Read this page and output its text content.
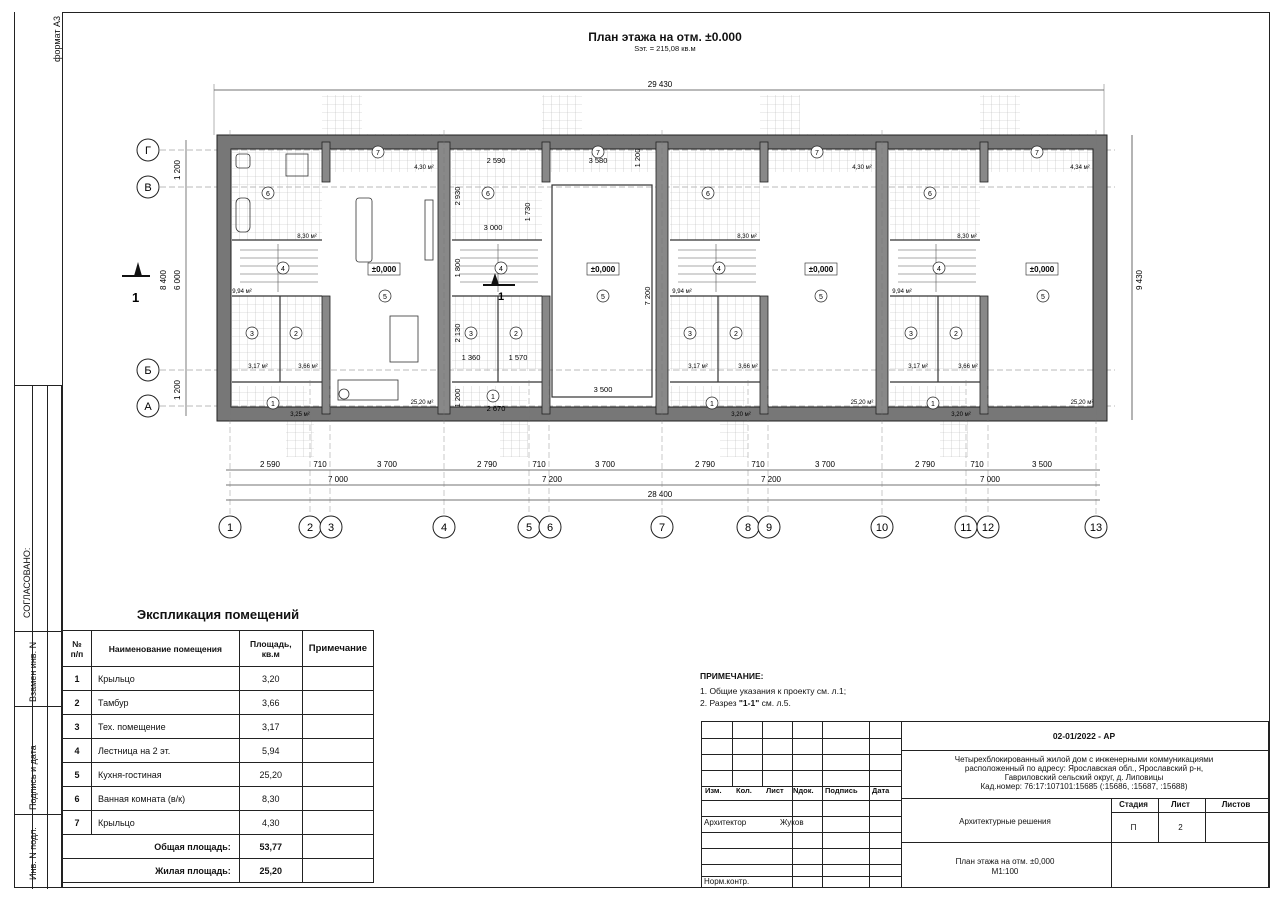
формат А3
СОГЛАСОВАНО:
Взамен инв. N
Подпись и дата
Инв. N подл.
План этажа на отм. ±0.000
Sэт. = 215,08 кв.м
29 430
9 430
1 200
8 400 6 000
1 200
Г
В
Б
А
1
7
6
4
5
3	2
1
7
6
4
5
3	2
1
7
6
4
5
3	2
1
7
6
4
5
3	2
1
±0,000	±0,000	±0,000	±0,000
4,30 м²
8,30 м²
9,94 м²
3,17 м²	3,66 м²
25,20 м²
3,25 м²
8,30 м²
9,94 м²
3,17 м²	3,66 м²
25,20 м²
3,20 м²
4,30 м²
8,30 м²
9,94 м²
3,17 м²	3,66 м²
25,20 м²
3,20 м²
4,34 м²
2 590	3 580	1 200
2 930
1 730
3 000
1 800
7 200
2 130
1 360	1 570
3 500
1 200
2 670
1
2 590	710	3 700	2 790	710	3 700	2 790	710	3 700	2 790	710	3 500
7 000	7 200	7 200	7 000
28 400
1	2 3	4	5 6	7	8 9	10	11 12	13
Экспликация помещений
№ п/п	Наименование помещения	Площадь, кв.м	Примечание
1	Крыльцо	3,20	
2	Тамбур	3,66	
3	Тех. помещение	3,17	
4	Лестница на 2 эт.	5,94	
5	Кухня-гостиная	25,20	
6	Ванная комната (в/к)	8,30	
7	Крыльцо	4,30	
Общая площадь:		53,77	
Жилая площадь:		25,20	
ПРИМЕЧАНИЕ:
1. Общие указания к проекту см. л.1;
2. Разрез "1-1" см. л.5.
02-01/2022 - АР
Четырехблокированный жилой дом с инженерными коммуникациями
расположенный по адресу: Ярославская обл., Ярославский р-н,
Гавриловский сельский округ, д. Липовицы
Кад.номер: 76:17:107101:15685 (:15686, :15687, :15688)
Изм. Кол. Лист Nдок. Подпись Дата
Архитектор	Жуков
Норм.контр.
Архитектурные решения
Стадия	Лист	Листов
П	2
План этажа на отм. ±0,000
М1:100
